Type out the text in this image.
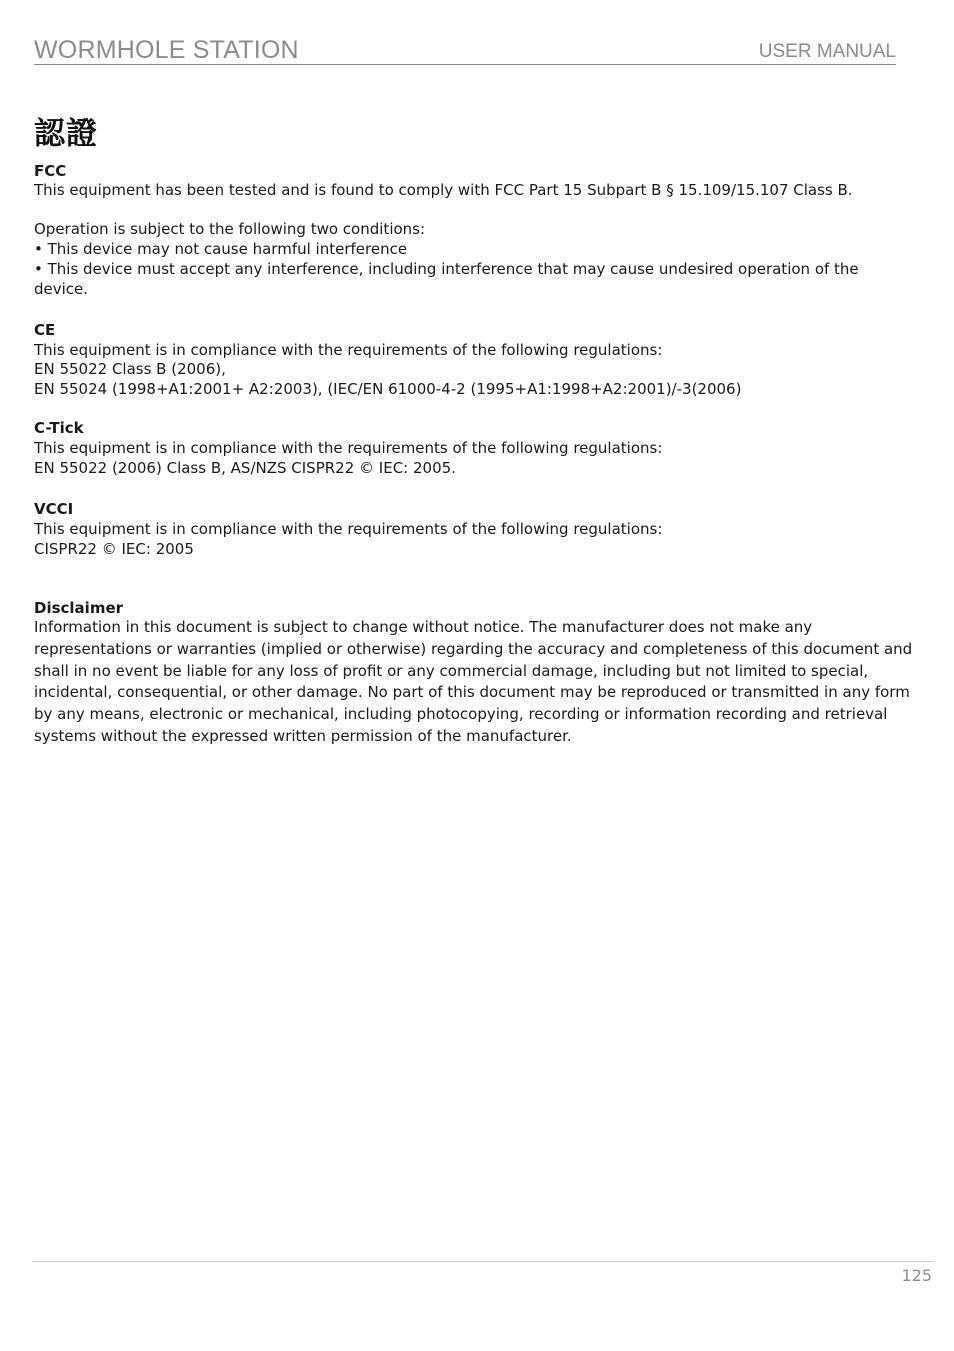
WORMHOLE STATION	USER MANUAL
認證
FCC
This equipment has been tested and is found to comply with FCC Part 15 Subpart B § 15.109/15.107 Class B.
Operation is subject to the following two conditions:
• This device may not cause harmful interference
• This device must accept any interference, including interference that may cause undesired operation of the
device.
CE
This equipment is in compliance with the requirements of the following regulations:
EN 55022 Class B (2006),
EN 55024 (1998+A1:2001+ A2:2003), (IEC/EN 61000-4-2 (1995+A1:1998+A2:2001)/-3(2006)
C-Tick
This equipment is in compliance with the requirements of the following regulations:
EN 55022 (2006) Class B, AS/NZS CISPR22 © IEC: 2005.
VCCI
This equipment is in compliance with the requirements of the following regulations:
CISPR22 © IEC: 2005
Disclaimer
Information in this document is subject to change without notice. The manufacturer does not make any representations or warranties (implied or otherwise) regarding the accuracy and completeness of this document and shall in no event be liable for any loss of profit or any commercial damage, including but not limited to special, incidental, consequential, or other damage. No part of this document may be reproduced or transmitted in any form by any means, electronic or mechanical, including photocopying, recording or information recording and retrieval systems without the expressed written permission of the manufacturer.
125
